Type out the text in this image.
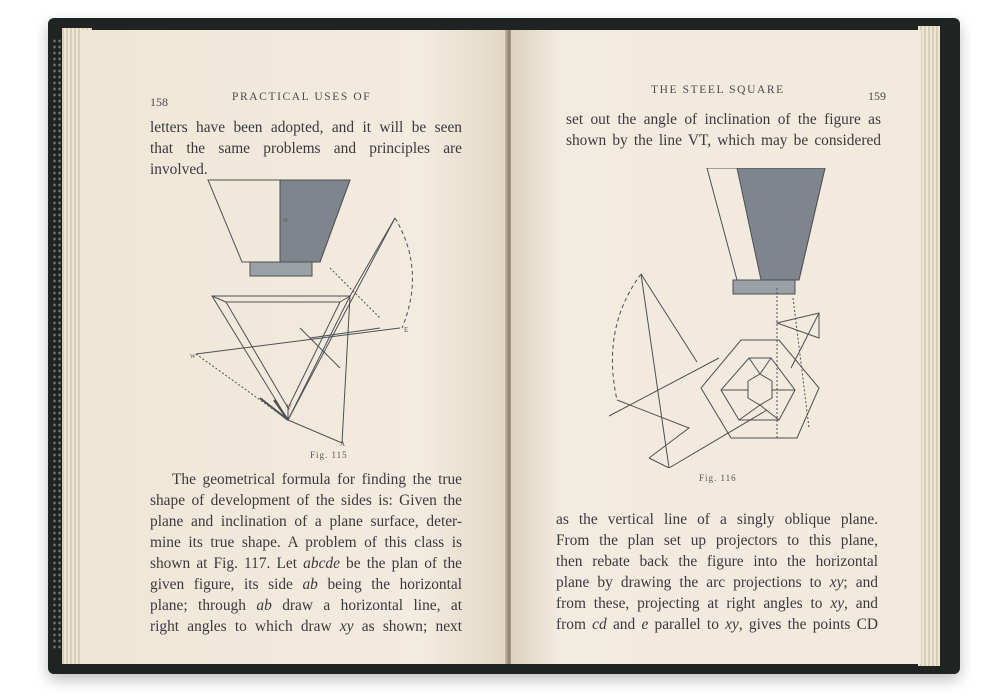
158	PRACTICAL USES OF

letters have been adopted, and it will be seen

that the same problems and principles are

involved.

H'
V
A
E
W
Fig. 115

The geometrical formula for finding the true

shape of development of the sides is: Given the

plane and inclination of a plane surface, deter-

mine its true shape. A problem of this class is

shown at Fig. 117. Let abcde be the plan of the

given figure, its side ab being the horizontal

plane; through ab draw a horizontal line, at

right angles to which draw xy as shown; next

THE STEEL SQUARE	159

set out the angle of inclination of the figure as

shown by the line VT, which may be considered

Fig. 116

as the vertical line of a singly oblique plane.

From the plan set up projectors to this plane,

then rebate back the figure into the horizontal

plane by drawing the arc projections to xy; and

from these, projecting at right angles to xy, and

from cd and e parallel to xy, gives the points CD
